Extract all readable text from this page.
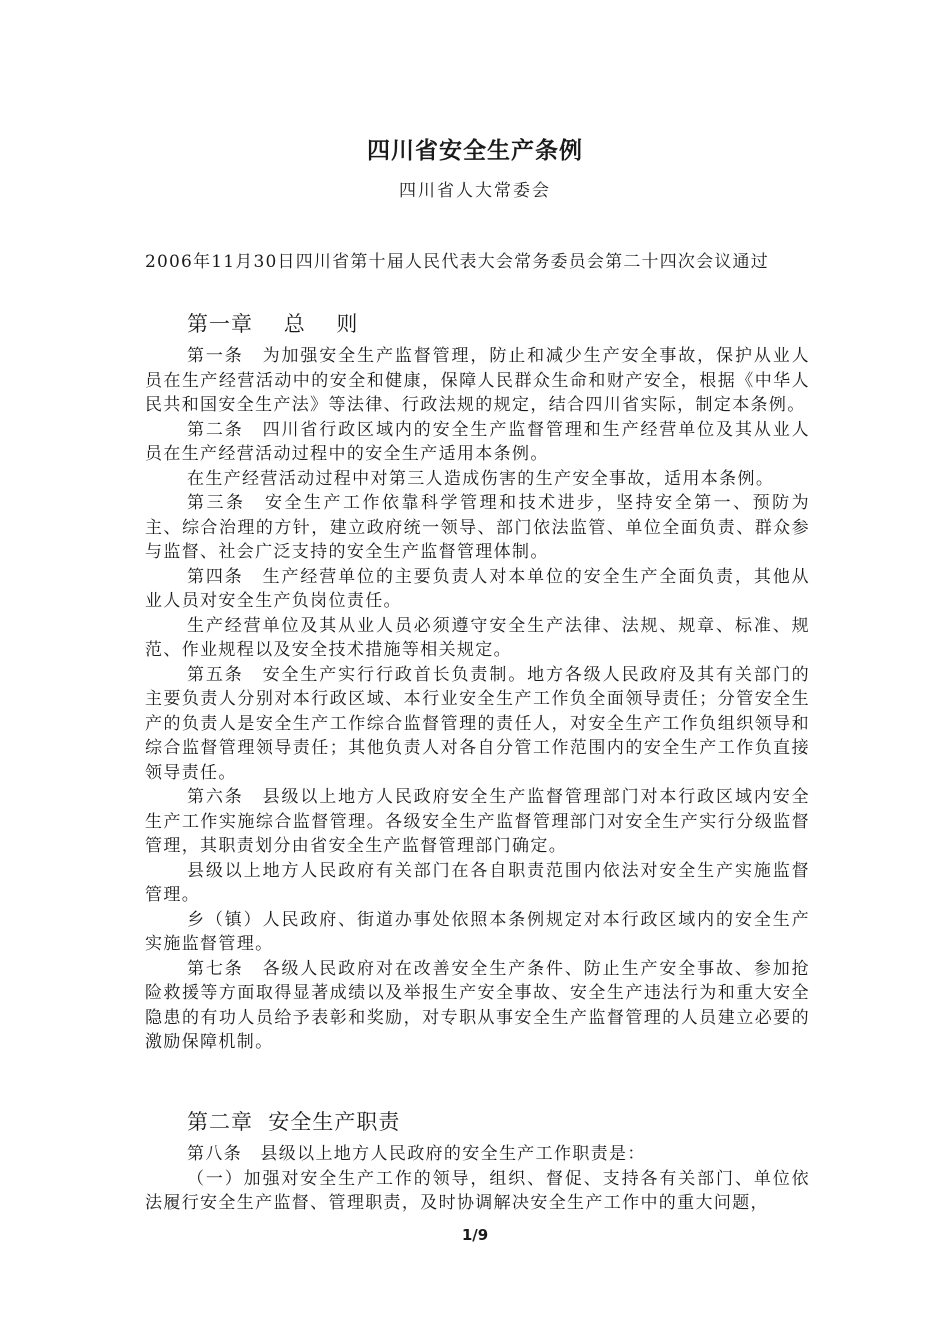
四川省安全生产条例
四川省人大常委会
2006年11月30日四川省第十届人民代表大会常务委员会第二十四次会议通过
第一章    总    则

第一条　为加强安全生产监督管理，防止和减少生产安全事故，保护从业人员在生产经营活动中的安全和健康，保障人民群众生命和财产安全，根据《中华人民共和国安全生产法》等法律、行政法规的规定，结合四川省实际，制定本条例。

第二条　四川省行政区域内的安全生产监督管理和生产经营单位及其从业人员在生产经营活动过程中的安全生产适用本条例。

在生产经营活动过程中对第三人造成伤害的生产安全事故，适用本条例。

第三条　安全生产工作依靠科学管理和技术进步，坚持安全第一、预防为主、综合治理的方针，建立政府统一领导、部门依法监管、单位全面负责、群众参与监督、社会广泛支持的安全生产监督管理体制。

第四条　生产经营单位的主要负责人对本单位的安全生产全面负责，其他从业人员对安全生产负岗位责任。

生产经营单位及其从业人员必须遵守安全生产法律、法规、规章、标准、规范、作业规程以及安全技术措施等相关规定。

第五条　安全生产实行行政首长负责制。地方各级人民政府及其有关部门的主要负责人分别对本行政区域、本行业安全生产工作负全面领导责任；分管安全生产的负责人是安全生产工作综合监督管理的责任人，对安全生产工作负组织领导和综合监督管理领导责任；其他负责人对各自分管工作范围内的安全生产工作负直接领导责任。

第六条　县级以上地方人民政府安全生产监督管理部门对本行政区域内安全生产工作实施综合监督管理。各级安全生产监督管理部门对安全生产实行分级监督管理，其职责划分由省安全生产监督管理部门确定。

县级以上地方人民政府有关部门在各自职责范围内依法对安全生产实施监督管理。

乡（镇）人民政府、街道办事处依照本条例规定对本行政区域内的安全生产实施监督管理。

第七条　各级人民政府对在改善安全生产条件、防止生产安全事故、参加抢险救援等方面取得显著成绩以及举报生产安全事故、安全生产违法行为和重大安全隐患的有功人员给予表彰和奖励，对专职从事安全生产监督管理的人员建立必要的激励保障机制。

第二章  安全生产职责

第八条　县级以上地方人民政府的安全生产工作职责是：

（一）加强对安全生产工作的领导，组织、督促、支持各有关部门、单位依法履行安全生产监督、管理职责，及时协调解决安全生产工作中的重大问题，

1/9
